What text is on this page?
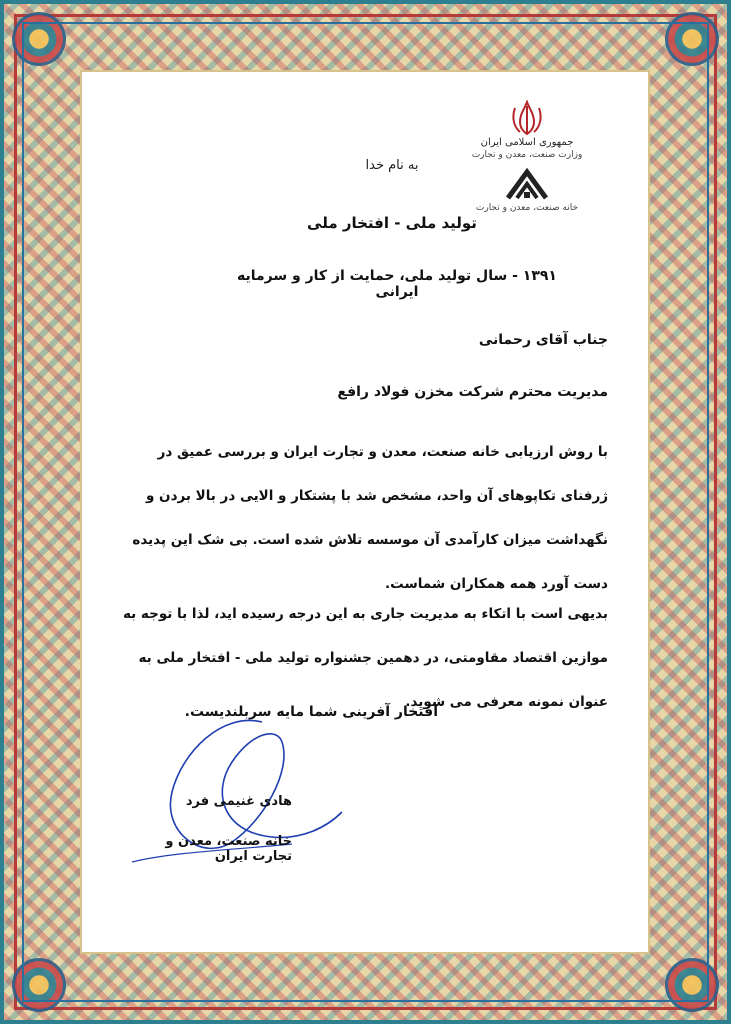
جمهوری اسلامی ایران
وزارت صنعت، معدن و تجارت
خانه صنعت، معدن و تجارت
به نام خدا
تولید ملی - افتخار ملی
۱۳۹۱ - سال تولید ملی، حمایت از کار و سرمایه ایرانی
جناب آقای رحمانی
مدیریت محترم شرکت مخزن فولاد رافع
با روش ارزیابی خانه صنعت، معدن و تجارت ایران و بررسی عمیق در ژرفنای تکاپوهای آن واحد، مشخص شد با پشتکار و الایی در بالا بردن و نگهداشت میزان کارآمدی آن موسسه تلاش شده است. بی شک این پدیده دست آورد همه همکاران شماست.
بدیهی است با اتکاء به مدیریت جاری به این درجه رسیده اید، لذا با توجه به موازین اقتصاد مقاومتی، در دهمین جشنواره تولید ملی - افتخار ملی به عنوان نمونه معرفی می شوید.
افتخار آفرینی شما مایه سربلندیست.
هادی غنیمی فرد
خانه صنعت، معدن و تجارت ایران
